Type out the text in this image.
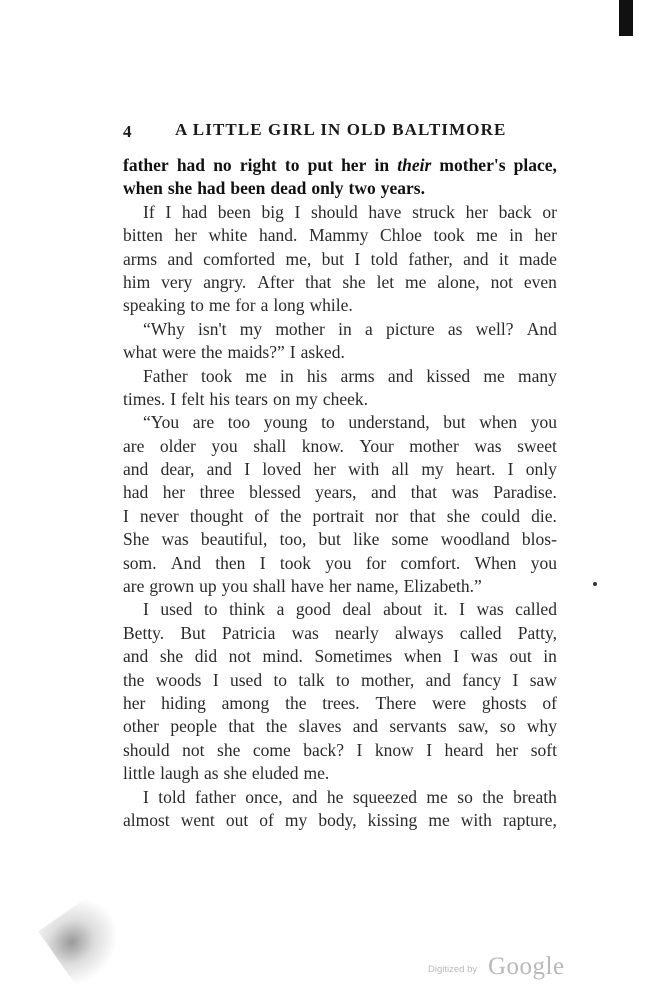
4	A LITTLE GIRL IN OLD BALTIMORE
father had no right to put her in their mother's place,
when she had been dead only two years.
If I had been big I should have struck her back or
bitten her white hand. Mammy Chloe took me in her
arms and comforted me, but I told father, and it made
him very angry. After that she let me alone, not even
speaking to me for a long while.
“Why isn't my mother in a picture as well? And
what were the maids?” I asked.
Father took me in his arms and kissed me many
times. I felt his tears on my cheek.
“You are too young to understand, but when you
are older you shall know. Your mother was sweet
and dear, and I loved her with all my heart. I only
had her three blessed years, and that was Paradise.
I never thought of the portrait nor that she could die.
She was beautiful, too, but like some woodland blos-
som. And then I took you for comfort. When you
are grown up you shall have her name, Elizabeth.”
I used to think a good deal about it. I was called
Betty. But Patricia was nearly always called Patty,
and she did not mind. Sometimes when I was out in
the woods I used to talk to mother, and fancy I saw
her hiding among the trees. There were ghosts of
other people that the slaves and servants saw, so why
should not she come back? I know I heard her soft
little laugh as she eluded me.
I told father once, and he squeezed me so the breath
almost went out of my body, kissing me with rapture,
Digitized by Google
